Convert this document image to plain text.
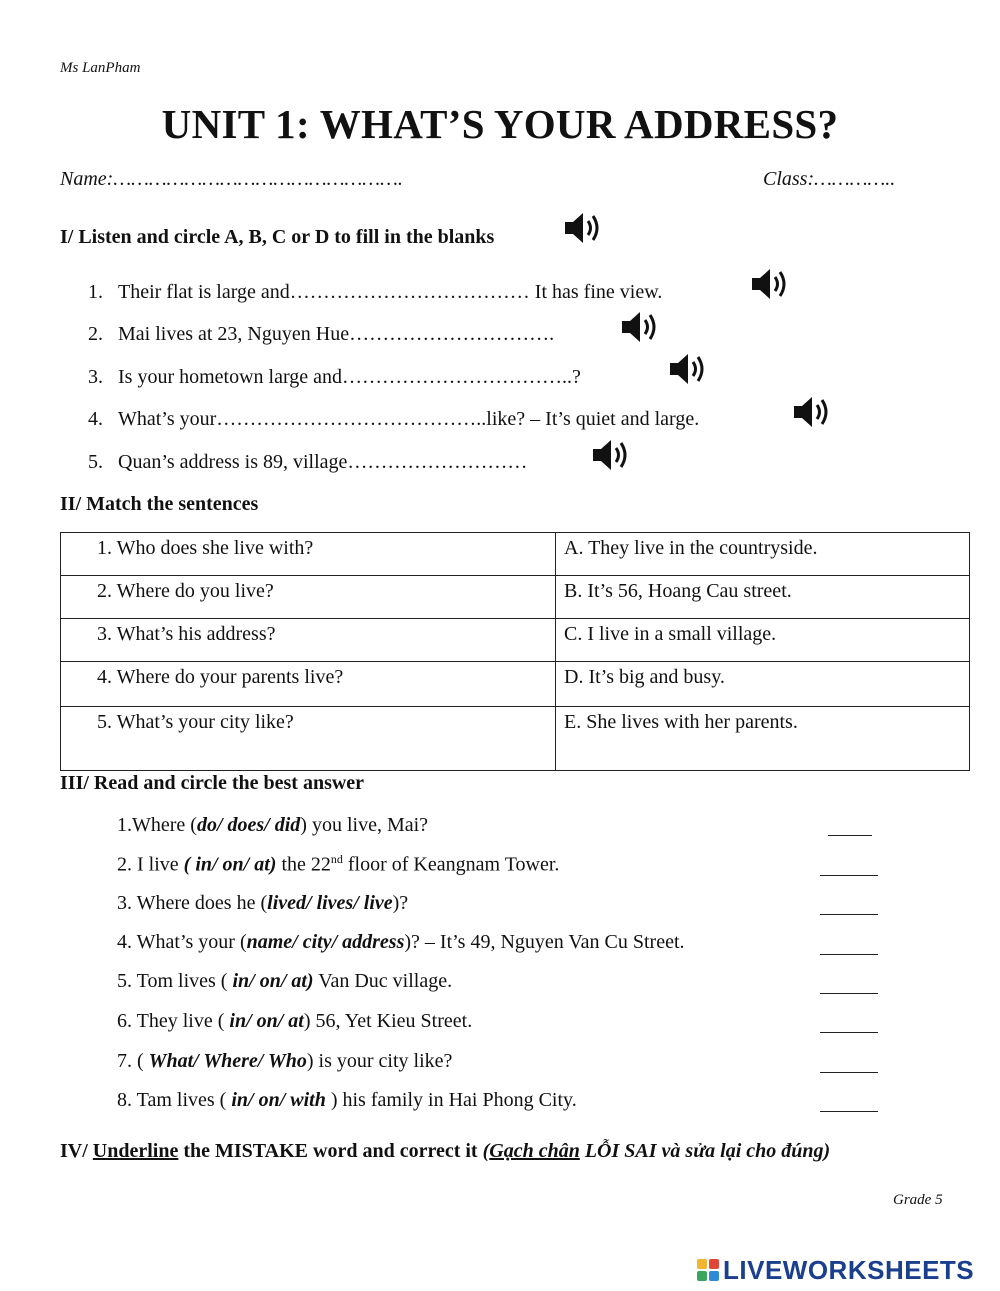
Ms LanPham
UNIT 1: WHAT’S YOUR ADDRESS?
Name:………………………………………….	Class:…………..
I/ Listen and circle A, B, C or D to fill in the blanks
1. Their flat is large and……………………………… It has fine view.
2. Mai lives at 23, Nguyen Hue………………………….
3. Is your hometown large and……………………………..?
4. What’s your…………………………………..like? – It’s quiet and large.
5. Quan’s address is 89, village………………………
II/ Match the sentences
1. Who does she live with?	A. They live in the countryside.
2. Where do you live?	B. It’s 56, Hoang Cau street.
3. What’s his address?	C. I live in a small village.
4. Where do your parents live?	D. It’s big and busy.
5. What’s your city like?	E. She lives with her parents.
III/ Read and circle the best answer
1.Where (do/ does/ did) you live, Mai?
2. I live ( in/ on/ at) the 22nd floor of Keangnam Tower.
3. Where does he (lived/ lives/ live)?
4. What’s your (name/ city/ address)? – It’s 49, Nguyen Van Cu Street.
5. Tom lives ( in/ on/ at) Van Duc village.
6. They live ( in/ on/ at) 56, Yet Kieu Street.
7. ( What/ Where/ Who) is your city like?
8. Tam lives ( in/ on/ with ) his family in Hai Phong City.
IV/ Underline the MISTAKE word and correct it (Gạch chân LỖI SAI và sửa lại cho đúng)
Grade 5
LIVEWORKSHEETS
